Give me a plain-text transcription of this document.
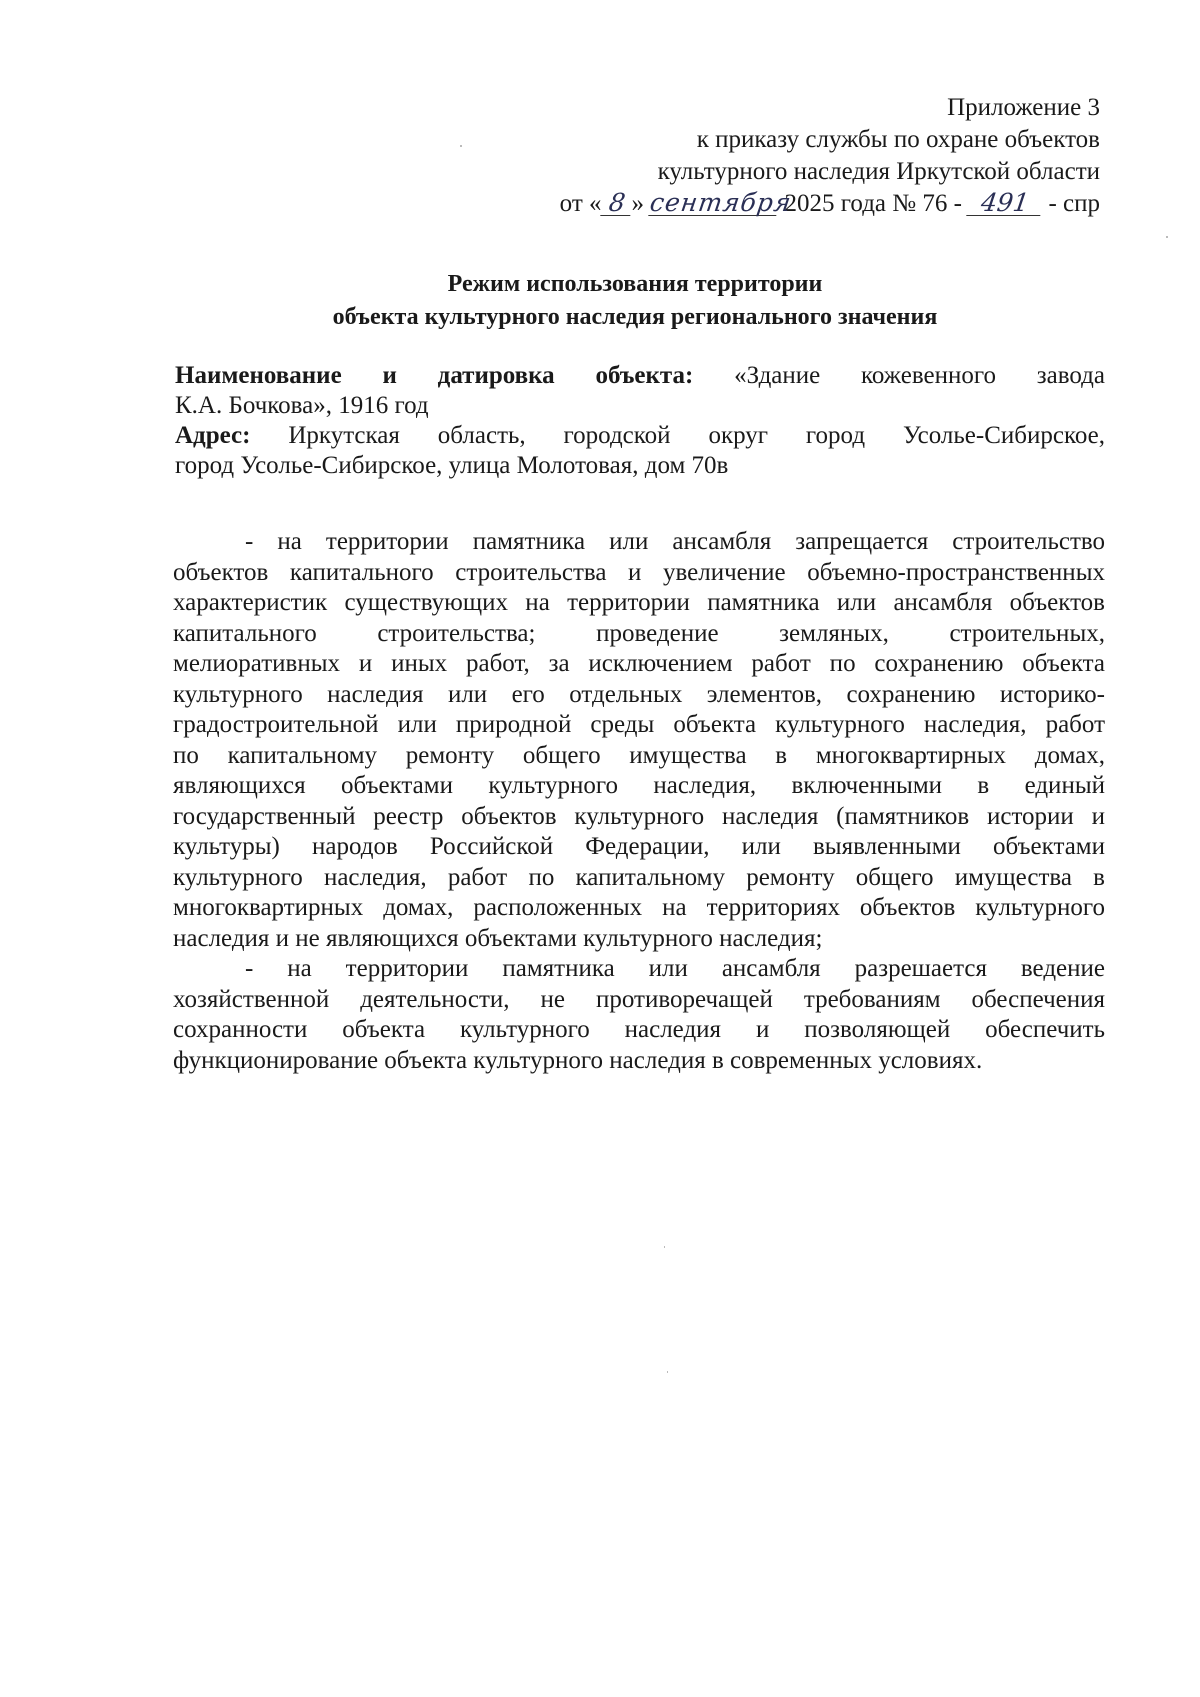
Приложение 3
к приказу службы по охране объектов
культурного наследия Иркутской области
от « 8 » сентября 2025 года № 76 - 491 - спр
Режим использования территории
объекта культурного наследия регионального значения
Наименование и датировка объекта: «Здание кожевенного завода
К.А. Бочкова», 1916 год
Адрес: Иркутская область, городской округ город Усолье-Сибирское,
город Усолье-Сибирское, улица Молотовая, дом 70в
- на территории памятника или ансамбля запрещается строительство
объектов капитального строительства и увеличение объемно-пространственных
характеристик существующих на территории памятника или ансамбля объектов
капитального строительства; проведение земляных, строительных,
мелиоративных и иных работ, за исключением работ по сохранению объекта
культурного наследия или его отдельных элементов, сохранению историко-
градостроительной или природной среды объекта культурного наследия, работ
по капитальному ремонту общего имущества в многоквартирных домах,
являющихся объектами культурного наследия, включенными в единый
государственный реестр объектов культурного наследия (памятников истории и
культуры) народов Российской Федерации, или выявленными объектами
культурного наследия, работ по капитальному ремонту общего имущества в
многоквартирных домах, расположенных на территориях объектов культурного
наследия и не являющихся объектами культурного наследия;
- на территории памятника или ансамбля разрешается ведение
хозяйственной деятельности, не противоречащей требованиям обеспечения
сохранности объекта культурного наследия и позволяющей обеспечить
функционирование объекта культурного наследия в современных условиях.
